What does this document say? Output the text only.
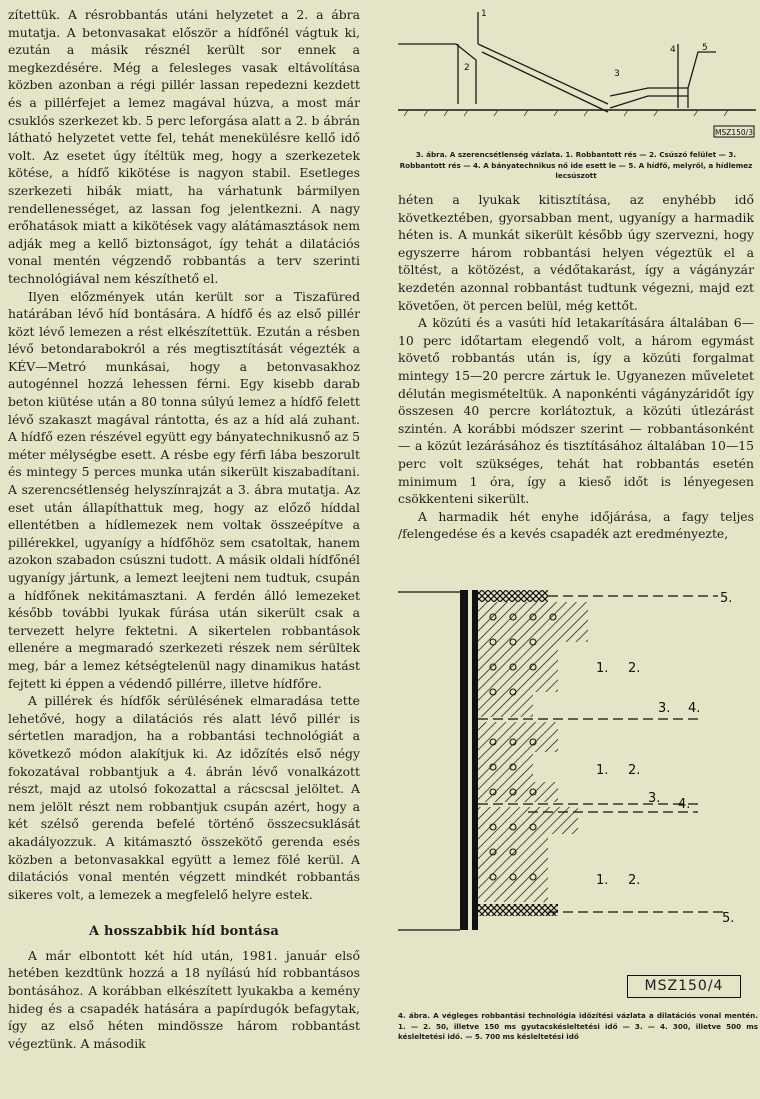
zítettük. A résrobbantás utáni helyzetet a 2. a ábra mutatja. A betonvasakat először a hídfőnél vágtuk ki, ezután a másik résznél került sor ennek a megkezdésére. Még a felesleges vasak eltávolítása közben azonban a régi pillér lassan repedezni kezdett és a pillérfejet a lemez magával húzva, a most már csuklós szerkezet kb. 5 perc leforgása alatt a 2. b ábrán látható helyzetet vette fel, tehát menekülésre kellő idő volt. Az esetet úgy ítéltük meg, hogy a szerkezetek kötése, a hídfő kikötése is nagyon stabil. Esetleges szerkezeti hibák miatt, ha várhatunk bármilyen rendellenességet, az lassan fog jelentkezni. A nagy erőhatások miatt a kikötések vagy alátámasztások nem adják meg a kellő biztonságot, így tehát a dilatációs vonal mentén végzendő robbantás a terv szerinti technológiával nem készíthető el.

Ilyen előzmények után került sor a Tiszafüred határában lévő híd bontására. A hídfő és az első pillér közt lévő lemezen a rést elkészítettük. Ezután a résben lévő betondarabokról a rés megtisztítását végezték a KÉV—Metró munkásai, hogy a betonvasakhoz autogénnel hozzá lehessen férni. Egy kisebb darab beton kiütése után a 80 tonna súlyú lemez a hídfő felett lévő szakaszt magával rántotta, és az a híd alá zuhant. A hídfő ezen részével együtt egy bányatechnikusnő az 5 méter mélységbe esett. A résbe egy férfi lába beszorult és mintegy 5 perces munka után sikerült kiszabadítani. A szerencsétlenség helyszínrajzát a 3. ábra mutatja. Az eset után állapíthattuk meg, hogy az előző híddal ellentétben a hídlemezek nem voltak összeépítve a pillérekkel, ugyanígy a hídfőhöz sem csatoltak, hanem azokon szabadon csúszni tudott. A másik oldali hídfőnél ugyanígy jártunk, a lemezt leejteni nem tudtuk, csupán a hídfőnek nekitámasztani. A ferdén álló lemezeket később további lyukak fúrása után sikerült csak a tervezett helyre fektetni. A sikertelen robbantások ellenére a megmaradó szerkezeti részek nem sérültek meg, bár a lemez kétségtelenül nagy dinamikus hatást fejtett ki éppen a védendő pillérre, illetve hídfőre.

A pillérek és hídfők sérülésének elmaradása tette lehetővé, hogy a dilatációs rés alatt lévő pillér is sértetlen maradjon, ha a robbantási technológiát a következő módon alakítjuk ki. Az időzítés első négy fokozatával robbantjuk a 4. ábrán lévő vonalkázott részt, majd az utolsó fokozattal a rácscsal jelöltet. A nem jelölt részt nem robbantjuk csupán azért, hogy a két szélső gerenda befelé történő összecsuklását akadályozzuk. A kitámasztó összekötő gerenda esés közben a betonvasakkal együtt a lemez fölé kerül. A dilatációs vonal mentén végzett mindkét robbantás sikeres volt, a lemezek a megfelelő helyre estek.

A hosszabbik híd bontása

A már elbontott két híd után, 1981. január első hetében kezdtünk hozzá a 18 nyílású híd robbantásos bontásához. A korábban elkészített lyukakba a kemény hideg és a csapadék hatására a papírdugók befagytak, így az első héten mindössze három robbantást végeztünk. A második

1
2
3
4	5
MSZ150/3
3. ábra. A szerencsétlenség vázlata. 1. Robbantott rés — 2. Csúszó felület — 3. Robbantott rés — 4. A bányatechnikus nő ide esett le — 5. A hídfő, melyről, a hídlemez lecsúszott

héten a lyukak kitisztítása, az enyhébb idő következtében, gyorsabban ment, ugyanígy a harmadik héten is. A munkát sikerült később úgy szervezni, hogy egyszerre három robbantási helyen végeztük el a töltést, a kötözést, a védőtakarást, így a vágányzár kezdetén azonnal robbantást tudtunk végezni, majd ezt követően, öt percen belül, még kettőt.

A közúti és a vasúti híd letakarítására általában 6—10 perc időtartam elegendő volt, a három egymást követő robbantás után is, így a közúti forgalmat mintegy 15—20 percre zártuk le. Ugyanezen műveletet délután megismételtük. A naponkénti vágányzáridőt így összesen 40 percre korlátoztuk, a közúti útlezárást szintén. A korábbi módszer szerint — robbantásonként — a közút lezárásához és tisztításához általában 10—15 perc volt szükséges, tehát hat robbantás esetén minimum 1 óra, így a kieső időt is lényegesen csökkenteni sikerült.

A harmadik hét enyhe időjárása, a fagy teljes /felengedése és a kevés csapadék azt eredményezte,

5.
1. 2.
3. 4.
1. 2.
3. 4.
1. 2.
5.
MSZ150/4
4. ábra. A végleges robbantási technológia időzítési vázlata a dilatációs vonal mentén. 1. — 2. 50, illetve 150 ms gyutacskésleltetési idő — 3. — 4. 300, illetve 500 ms késleltetési idő. — 5. 700 ms késleltetési idő
